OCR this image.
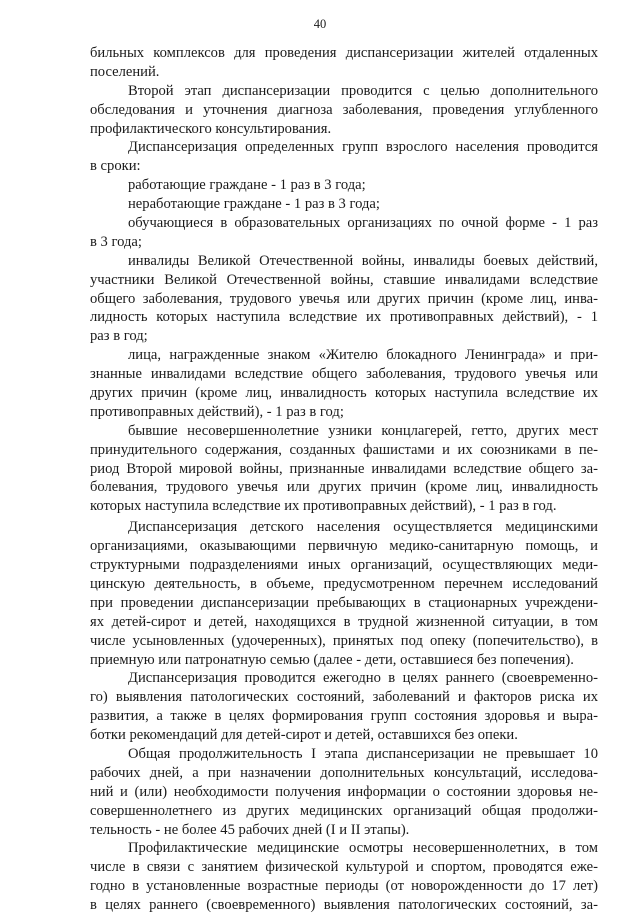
40
бильных комплексов для проведения диспансеризации жителей отдаленных
поселений.
Второй этап диспансеризации проводится с целью дополнительного
обследования и уточнения диагноза заболевания, проведения углубленного
профилактического консультирования.
Диспансеризация определенных групп взрослого населения проводится
в сроки:
работающие граждане - 1 раз в 3 года;
неработающие граждане - 1 раз в 3 года;
обучающиеся в образовательных организациях по очной форме - 1 раз
в 3 года;
инвалиды Великой Отечественной войны, инвалиды боевых действий,
участники Великой Отечественной войны, ставшие инвалидами вследствие
общего заболевания, трудового увечья или других причин (кроме лиц, инва-
лидность которых наступила вследствие их противоправных действий), - 1
раз в год;
лица, награжденные знаком «Жителю блокадного Ленинграда» и при-
знанные инвалидами вследствие общего заболевания, трудового увечья или
других причин (кроме лиц, инвалидность которых наступила вследствие их
противоправных действий), - 1 раз в год;
бывшие несовершеннолетние узники концлагерей, гетто, других мест
принудительного содержания, созданных фашистами и их союзниками в пе-
риод Второй мировой войны, признанные инвалидами вследствие общего за-
болевания, трудового увечья или других причин (кроме лиц, инвалидность
которых наступила вследствие их противоправных действий), - 1 раз в год.
Диспансеризация детского населения осуществляется медицинскими
организациями, оказывающими первичную медико-санитарную помощь, и
структурными подразделениями иных организаций, осуществляющих меди-
цинскую деятельность, в объеме, предусмотренном перечнем исследований
при проведении диспансеризации пребывающих в стационарных учреждени-
ях детей-сирот и детей, находящихся в трудной жизненной ситуации, в том
числе усыновленных (удочеренных), принятых под опеку (попечительство), в
приемную или патронатную семью (далее - дети, оставшиеся без попечения).
Диспансеризация проводится ежегодно в целях раннего (своевременно-
го) выявления патологических состояний, заболеваний и факторов риска их
развития, а также в целях формирования групп состояния здоровья и выра-
ботки рекомендаций для детей-сирот и детей, оставшихся без опеки.
Общая продолжительность I этапа диспансеризации не превышает 10
рабочих дней, а при назначении дополнительных консультаций, исследова-
ний и (или) необходимости получения информации о состоянии здоровья не-
совершеннолетнего из других медицинских организаций общая продолжи-
тельность - не более 45 рабочих дней (I и II этапы).
Профилактические медицинские осмотры несовершеннолетних, в том
числе в связи с занятием физической культурой и спортом, проводятся еже-
годно в установленные возрастные периоды (от новорожденности до 17 лет)
в целях раннего (своевременного) выявления патологических состояний, за-
